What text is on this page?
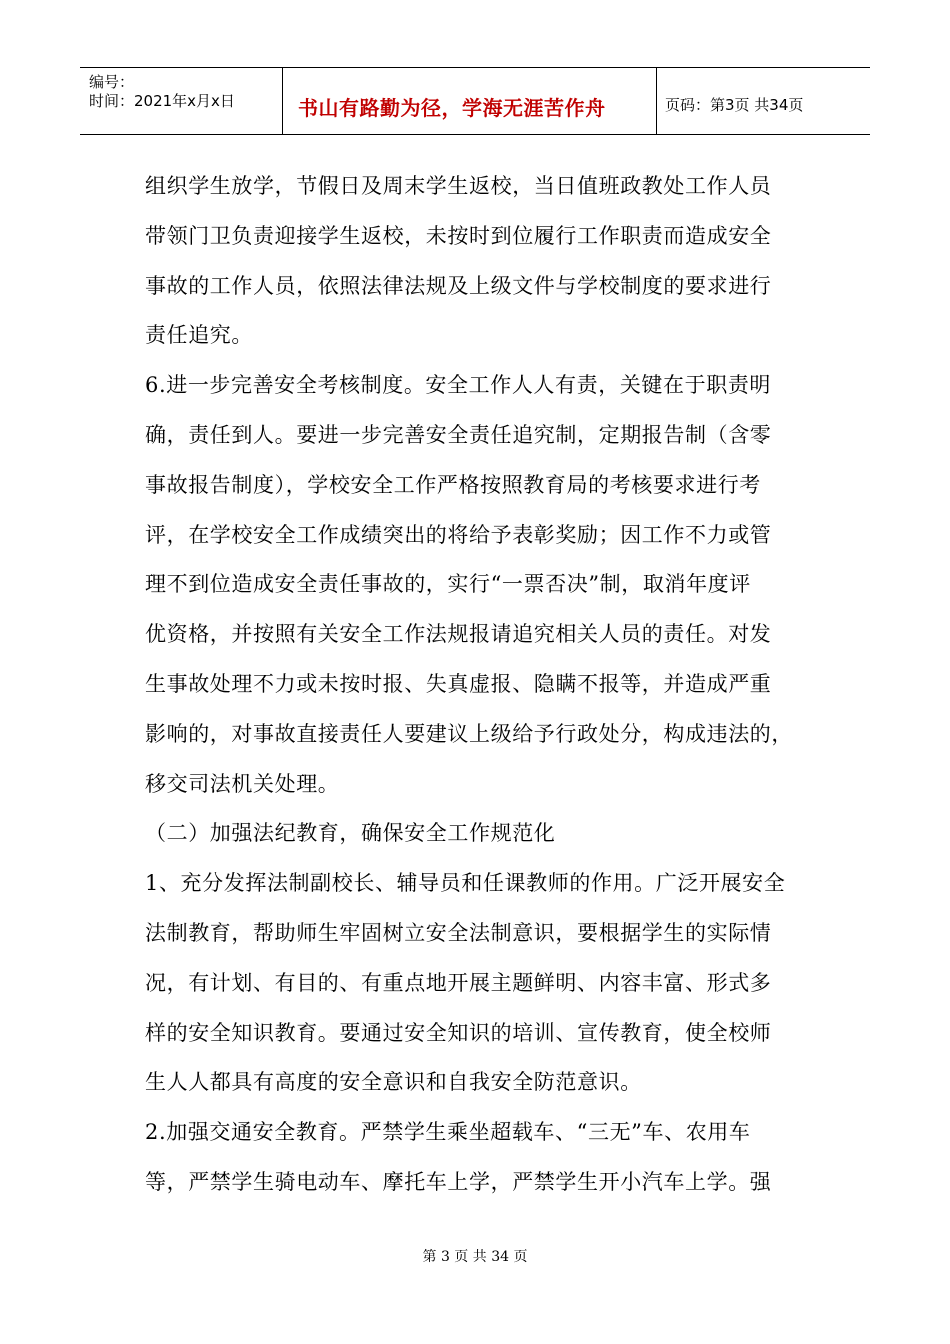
编号：
时间：2021年x月x日	书山有路勤为径，学海无涯苦作舟	页码：第3页 共34页
组织学生放学，节假日及周末学生返校，当日值班政教处工作人员
带领门卫负责迎接学生返校，未按时到位履行工作职责而造成安全
事故的工作人员，依照法律法规及上级文件与学校制度的要求进行
责任追究。
6.进一步完善安全考核制度。安全工作人人有责，关键在于职责明
确，责任到人。要进一步完善安全责任追究制，定期报告制（含零
事故报告制度），学校安全工作严格按照教育局的考核要求进行考
评，在学校安全工作成绩突出的将给予表彰奖励；因工作不力或管
理不到位造成安全责任事故的，实行“一票否决”制，取消年度评
优资格，并按照有关安全工作法规报请追究相关人员的责任。对发
生事故处理不力或未按时报、失真虚报、隐瞒不报等，并造成严重
影响的，对事故直接责任人要建议上级给予行政处分，构成违法的，
移交司法机关处理。
（二）加强法纪教育，确保安全工作规范化
1、充分发挥法制副校长、辅导员和任课教师的作用。广泛开展安全
法制教育，帮助师生牢固树立安全法制意识，要根据学生的实际情
况，有计划、有目的、有重点地开展主题鲜明、内容丰富、形式多
样的安全知识教育。要通过安全知识的培训、宣传教育，使全校师
生人人都具有高度的安全意识和自我安全防范意识。
2.加强交通安全教育。严禁学生乘坐超载车、“三无”车、农用车
等，严禁学生骑电动车、摩托车上学，严禁学生开小汽车上学。强
第 3 页 共 34 页
